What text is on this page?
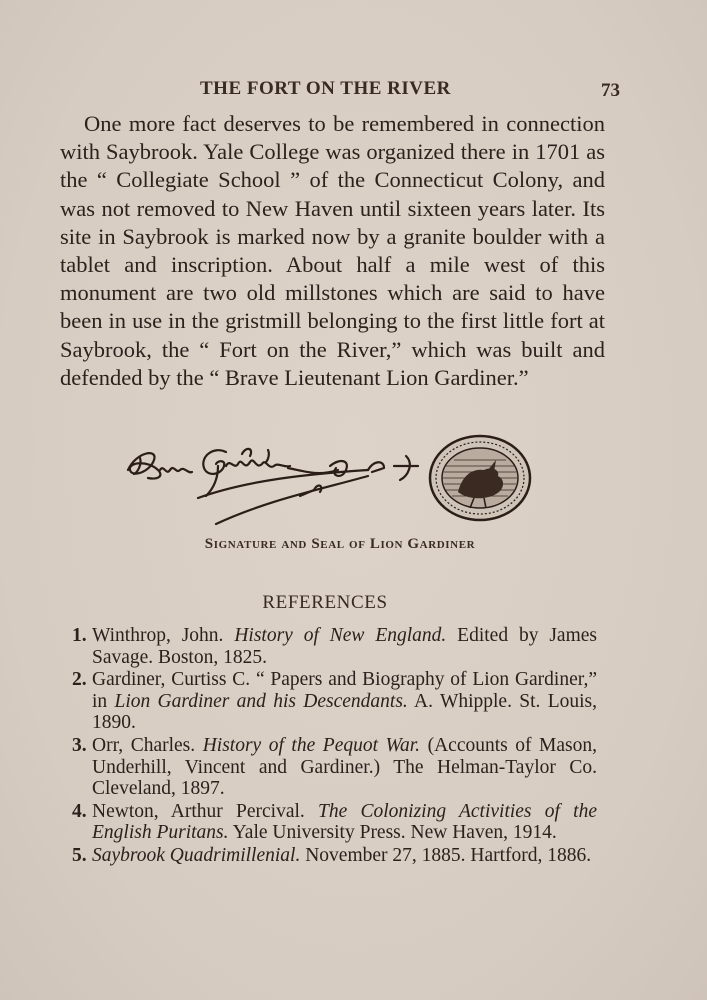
THE FORT ON THE RIVER	73

One more fact deserves to be remembered in connection with Saybrook. Yale College was organized there in 1701 as the “ Collegiate School ” of the Connecticut Colony, and was not removed to New Haven until sixteen years later. Its site in Saybrook is marked now by a granite boulder with a tablet and inscription. About half a mile west of this monument are two old millstones which are said to have been in use in the gristmill belonging to the first little fort at Saybrook, the “ Fort on the River,” which was built and defended by the “ Brave Lieutenant Lion Gardiner.”

Signature and Seal of Lion Gardiner
REFERENCES
1. Winthrop, John. History of New England. Edited by James Savage. Boston, 1825.
2. Gardiner, Curtiss C. “ Papers and Biography of Lion Gardiner,” in Lion Gardiner and his Descendants. A. Whipple. St. Louis, 1890.
3. Orr, Charles. History of the Pequot War. (Accounts of Mason, Underhill, Vincent and Gardiner.) The Helman-Taylor Co. Cleveland, 1897.
4. Newton, Arthur Percival. The Colonizing Activities of the English Puritans. Yale University Press. New Haven, 1914.
5. Saybrook Quadrimillenial. November 27, 1885. Hartford, 1886.
